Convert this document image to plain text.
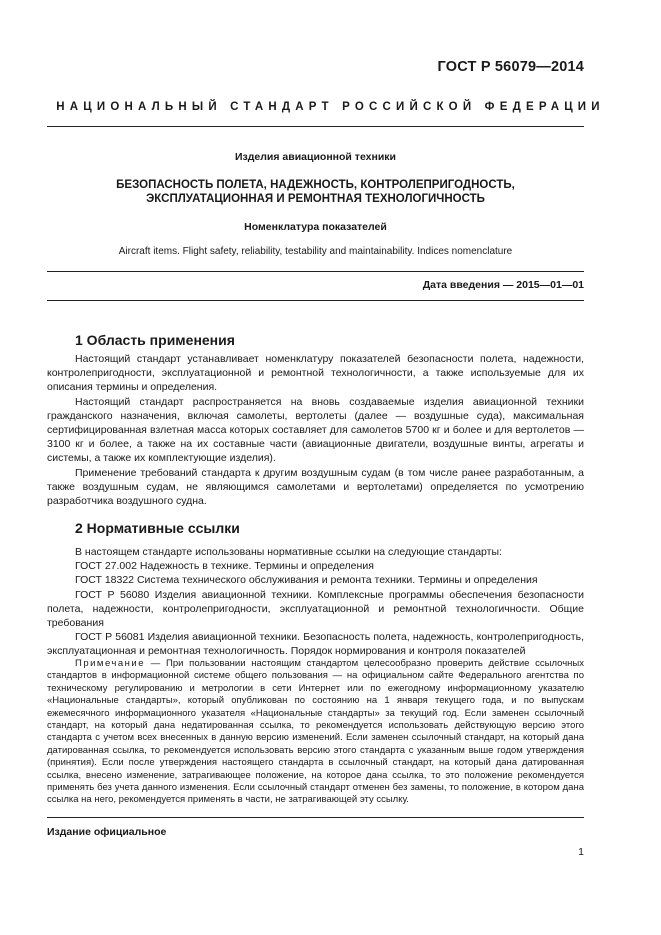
ГОСТ Р 56079—2014
НАЦИОНАЛЬНЫЙ СТАНДАРТ РОССИЙСКОЙ ФЕДЕРАЦИИ
Изделия авиационной техники
БЕЗОПАСНОСТЬ ПОЛЕТА, НАДЕЖНОСТЬ, КОНТРОЛЕПРИГОДНОСТЬ,
ЭКСПЛУАТАЦИОННАЯ И РЕМОНТНАЯ ТЕХНОЛОГИЧНОСТЬ
Номенклатура показателей
Aircraft items. Flight safety, reliability, testability and maintainability. Indices nomenclature
Дата введения — 2015—01—01
1 Область применения

Настоящий стандарт устанавливает номенклатуру показателей безопасности полета, надежности, контролепригодности, эксплуатационной и ремонтной технологичности, а также используемые для их описания термины и определения.

Настоящий стандарт распространяется на вновь создаваемые изделия авиационной техники гражданского назначения, включая самолеты, вертолеты (далее — воздушные суда), максимальная сертифицированная взлетная масса которых составляет для самолетов 5700 кг и более и для вертолетов — 3100 кг и более, а также на их составные части (авиационные двигатели, воздушные винты, агрегаты и системы, а также их комплектующие изделия).

Применение требований стандарта к другим воздушным судам (в том числе ранее разработанным, а также воздушным судам, не являющимся самолетами и вертолетами) определяется по усмотрению разработчика воздушного судна.

2 Нормативные ссылки

В настоящем стандарте использованы нормативные ссылки на следующие стандарты:

ГОСТ 27.002 Надежность в технике. Термины и определения

ГОСТ 18322 Система технического обслуживания и ремонта техники. Термины и определения

ГОСТ Р 56080 Изделия авиационной техники. Комплексные программы обеспечения безопасности полета, надежности, контролепригодности, эксплуатационной и ремонтной технологичности. Общие требования

ГОСТ Р 56081 Изделия авиационной техники. Безопасность полета, надежность, контролепригодность, эксплуатационная и ремонтная технологичность. Порядок нормирования и контроля показателей

Примечание — При пользовании настоящим стандартом целесообразно проверить действие ссылочных стандартов в информационной системе общего пользования — на официальном сайте Федерального агентства по техническому регулированию и метрологии в сети Интернет или по ежегодному информационному указателю «Национальные стандарты», который опубликован по состоянию на 1 января текущего года, и по выпускам ежемесячного информационного указателя «Национальные стандарты» за текущий год. Если заменен ссылочный стандарт, на который дана недатированная ссылка, то рекомендуется использовать действующую версию этого стандарта с учетом всех внесенных в данную версию изменений. Если заменен ссылочный стандарт, на который дана датированная ссылка, то рекомендуется использовать версию этого стандарта с указанным выше годом утверждения (принятия). Если после утверждения настоящего стандарта в ссылочный стандарт, на который дана датированная ссылка, внесено изменение, затрагивающее положение, на которое дана ссылка, то это положение рекомендуется применять без учета данного изменения. Если ссылочный стандарт отменен без замены, то положение, в котором дана ссылка на него, рекомендуется применять в части, не затрагивающей эту ссылку.

Издание официальное
1
